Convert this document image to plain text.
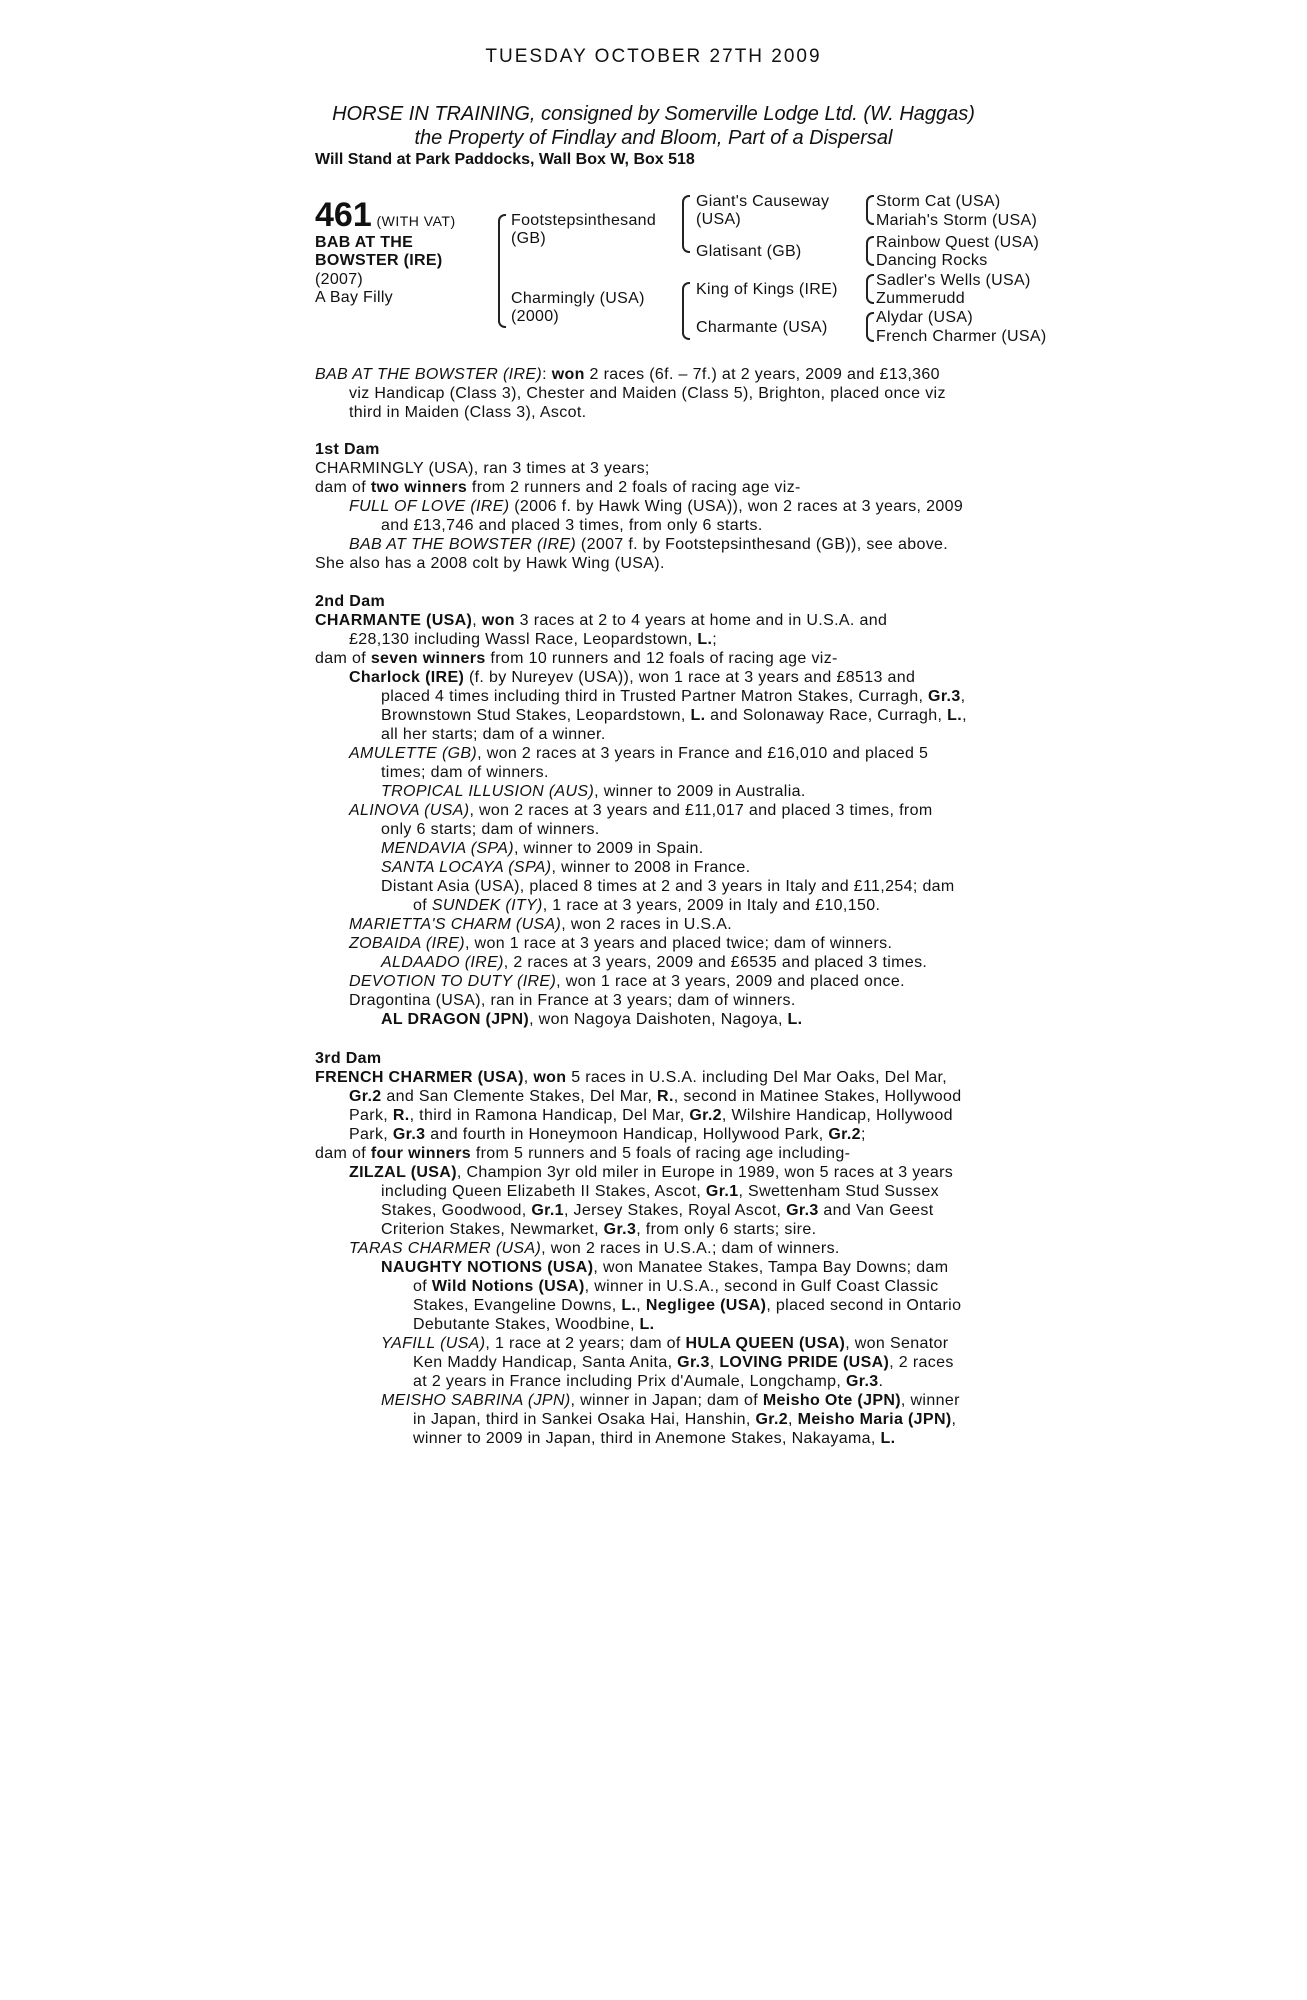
TUESDAY OCTOBER 27TH 2009
HORSE IN TRAINING, consigned by Somerville Lodge Ltd. (W. Haggas)
the Property of Findlay and Bloom, Part of a Dispersal
Will Stand at Park Paddocks, Wall Box W, Box 518
461 (WITH VAT)
BAB AT THE
BOWSTER (IRE)
(2007)
A Bay Filly
Footstepsinthesand
(GB)
Charmingly (USA)
(2000)
Giant's Causeway
(USA)
Glatisant (GB)
King of Kings (IRE)
Charmante (USA)
Storm Cat (USA)
Mariah's Storm (USA)
Rainbow Quest (USA)
Dancing Rocks
Sadler's Wells (USA)
Zummerudd
Alydar (USA)
French Charmer (USA)
BAB AT THE BOWSTER (IRE): won 2 races (6f. – 7f.) at 2 years, 2009 and £13,360
viz Handicap (Class 3), Chester and Maiden (Class 5), Brighton, placed once viz
third in Maiden (Class 3), Ascot.
1st Dam
CHARMINGLY (USA), ran 3 times at 3 years;
dam of two winners from 2 runners and 2 foals of racing age viz-
FULL OF LOVE (IRE) (2006 f. by Hawk Wing (USA)), won 2 races at 3 years, 2009
and £13,746 and placed 3 times, from only 6 starts.
BAB AT THE BOWSTER (IRE) (2007 f. by Footstepsinthesand (GB)), see above.
She also has a 2008 colt by Hawk Wing (USA).
2nd Dam
CHARMANTE (USA), won 3 races at 2 to 4 years at home and in U.S.A. and
£28,130 including Wassl Race, Leopardstown, L.;
dam of seven winners from 10 runners and 12 foals of racing age viz-
Charlock (IRE) (f. by Nureyev (USA)), won 1 race at 3 years and £8513 and
placed 4 times including third in Trusted Partner Matron Stakes, Curragh, Gr.3,
Brownstown Stud Stakes, Leopardstown, L. and Solonaway Race, Curragh, L.,
all her starts; dam of a winner.
AMULETTE (GB), won 2 races at 3 years in France and £16,010 and placed 5
times; dam of winners.
TROPICAL ILLUSION (AUS), winner to 2009 in Australia.
ALINOVA (USA), won 2 races at 3 years and £11,017 and placed 3 times, from
only 6 starts; dam of winners.
MENDAVIA (SPA), winner to 2009 in Spain.
SANTA LOCAYA (SPA), winner to 2008 in France.
Distant Asia (USA), placed 8 times at 2 and 3 years in Italy and £11,254; dam
of SUNDEK (ITY), 1 race at 3 years, 2009 in Italy and £10,150.
MARIETTA'S CHARM (USA), won 2 races in U.S.A.
ZOBAIDA (IRE), won 1 race at 3 years and placed twice; dam of winners.
ALDAADO (IRE), 2 races at 3 years, 2009 and £6535 and placed 3 times.
DEVOTION TO DUTY (IRE), won 1 race at 3 years, 2009 and placed once.
Dragontina (USA), ran in France at 3 years; dam of winners.
AL DRAGON (JPN), won Nagoya Daishoten, Nagoya, L.
3rd Dam
FRENCH CHARMER (USA), won 5 races in U.S.A. including Del Mar Oaks, Del Mar,
Gr.2 and San Clemente Stakes, Del Mar, R., second in Matinee Stakes, Hollywood
Park, R., third in Ramona Handicap, Del Mar, Gr.2, Wilshire Handicap, Hollywood
Park, Gr.3 and fourth in Honeymoon Handicap, Hollywood Park, Gr.2;
dam of four winners from 5 runners and 5 foals of racing age including-
ZILZAL (USA), Champion 3yr old miler in Europe in 1989, won 5 races at 3 years
including Queen Elizabeth II Stakes, Ascot, Gr.1, Swettenham Stud Sussex
Stakes, Goodwood, Gr.1, Jersey Stakes, Royal Ascot, Gr.3 and Van Geest
Criterion Stakes, Newmarket, Gr.3, from only 6 starts; sire.
TARAS CHARMER (USA), won 2 races in U.S.A.; dam of winners.
NAUGHTY NOTIONS (USA), won Manatee Stakes, Tampa Bay Downs; dam
of Wild Notions (USA), winner in U.S.A., second in Gulf Coast Classic
Stakes, Evangeline Downs, L., Negligee (USA), placed second in Ontario
Debutante Stakes, Woodbine, L.
YAFILL (USA), 1 race at 2 years; dam of HULA QUEEN (USA), won Senator
Ken Maddy Handicap, Santa Anita, Gr.3, LOVING PRIDE (USA), 2 races
at 2 years in France including Prix d'Aumale, Longchamp, Gr.3.
MEISHO SABRINA (JPN), winner in Japan; dam of Meisho Ote (JPN), winner
in Japan, third in Sankei Osaka Hai, Hanshin, Gr.2, Meisho Maria (JPN),
winner to 2009 in Japan, third in Anemone Stakes, Nakayama, L.
